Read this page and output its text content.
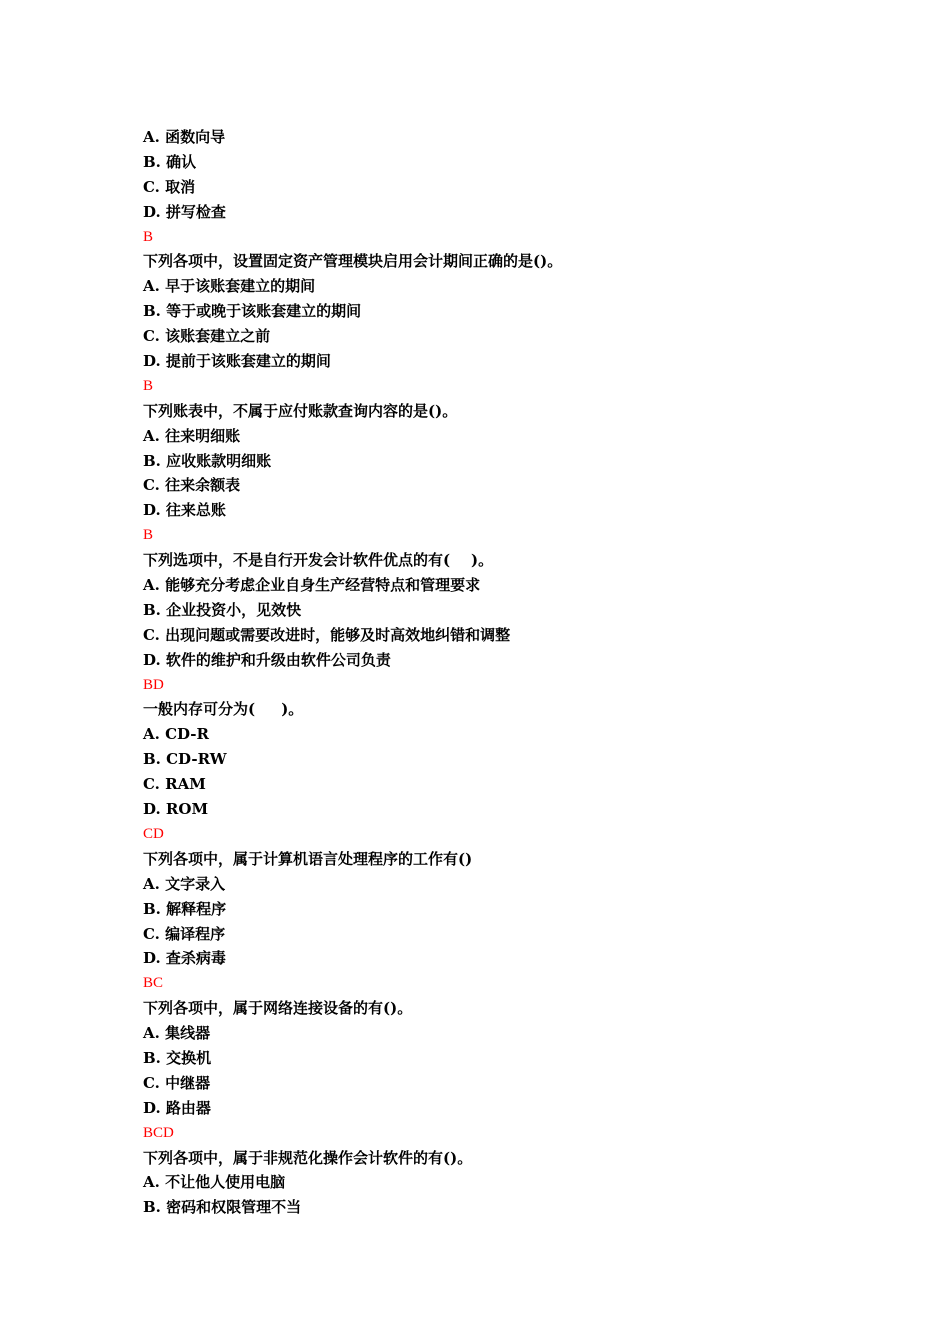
A. 函数向导
B. 确认
C. 取消
D. 拼写检查
B
下列各项中，设置固定资产管理模块启用会计期间正确的是()。
A. 早于该账套建立的期间
B. 等于或晚于该账套建立的期间
C. 该账套建立之前
D. 提前于该账套建立的期间
B
下列账表中，不属于应付账款查询内容的是()。
A. 往来明细账
B. 应收账款明细账
C. 往来余额表
D. 往来总账
B
下列选项中，不是自行开发会计软件优点的有(    )。
A. 能够充分考虑企业自身生产经营特点和管理要求
B. 企业投资小，见效快
C. 出现问题或需要改进时，能够及时高效地纠错和调整
D. 软件的维护和升级由软件公司负责
BD
一般内存可分为(     )。
A. CD-R
B. CD-RW
C. RAM
D. ROM
CD
下列各项中，属于计算机语言处理程序的工作有()
A. 文字录入
B. 解释程序
C. 编译程序
D. 查杀病毒
BC
下列各项中，属于网络连接设备的有()。
A. 集线器
B. 交换机
C. 中继器
D. 路由器
BCD
下列各项中，属于非规范化操作会计软件的有()。
A. 不让他人使用电脑
B. 密码和权限管理不当
